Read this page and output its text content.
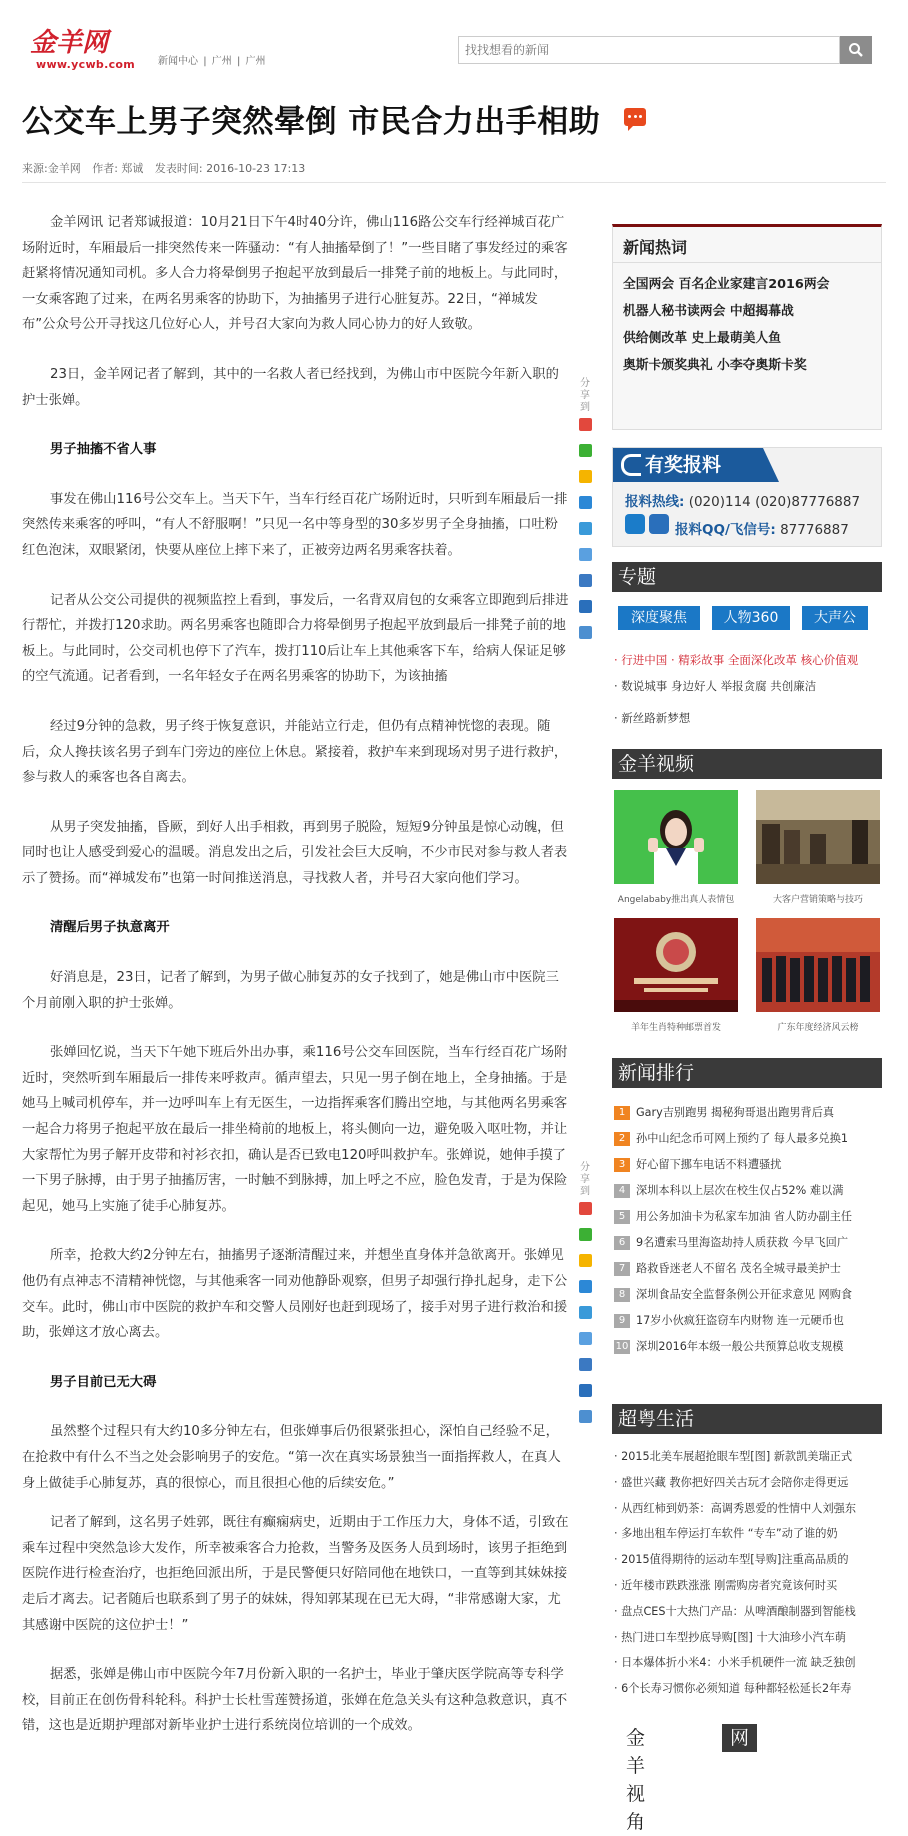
金羊网
www.ycwb.com	新闻中心 | 广州 | 广州
找找想看的新闻
公交车上男子突然晕倒 市民合力出手相助
来源:金羊网 作者: 郑诚 发表时间: 2016-10-23 17:13

金羊网讯 记者郑诚报道：10月21日下午4时40分许，佛山116路公交车行经禅城百花广场附近时，车厢最后一排突然传来一阵骚动：“有人抽搐晕倒了！”一些目睹了事发经过的乘客赶紧将情况通知司机。多人合力将晕倒男子抱起平放到最后一排凳子前的地板上。与此同时，一女乘客跑了过来，在两名男乘客的协助下，为抽搐男子进行心脏复苏。22日，“禅城发布”公众号公开寻找这几位好心人，并号召大家向为救人同心协力的好人致敬。

23日，金羊网记者了解到，其中的一名救人者已经找到，为佛山市中医院今年新入职的护士张婵。

男子抽搐不省人事

事发在佛山116号公交车上。当天下午，当车行经百花广场附近时，只听到车厢最后一排突然传来乘客的呼叫，“有人不舒服啊！”只见一名中等身型的30多岁男子全身抽搐，口吐粉红色泡沫，双眼紧闭，快要从座位上摔下来了，正被旁边两名男乘客扶着。

记者从公交公司提供的视频监控上看到，事发后，一名背双肩包的女乘客立即跑到后排进行帮忙，并拨打120求助。两名男乘客也随即合力将晕倒男子抱起平放到最后一排凳子前的地板上。与此同时，公交司机也停下了汽车，拨打110后让车上其他乘客下车，给病人保证足够的空气流通。记者看到，一名年轻女子在两名男乘客的协助下，为该抽搐

经过9分钟的急救，男子终于恢复意识，并能站立行走，但仍有点精神恍惚的表现。随后，众人搀扶该名男子到车门旁边的座位上休息。紧接着，救护车来到现场对男子进行救护，参与救人的乘客也各自离去。

从男子突发抽搐，昏厥，到好人出手相救，再到男子脱险，短短9分钟虽是惊心动魄，但同时也让人感受到爱心的温暖。消息发出之后，引发社会巨大反响，不少市民对参与救人者表示了赞扬。而“禅城发布”也第一时间推送消息，寻找救人者，并号召大家向他们学习。

清醒后男子执意离开

好消息是，23日，记者了解到，为男子做心肺复苏的女子找到了，她是佛山市中医院三个月前刚入职的护士张婵。

张婵回忆说，当天下午她下班后外出办事，乘116号公交车回医院，当车行经百花广场附近时，突然听到车厢最后一排传来呼救声。循声望去，只见一男子倒在地上，全身抽搐。于是她马上喊司机停车，并一边呼叫车上有无医生，一边指挥乘客们腾出空地，与其他两名男乘客一起合力将男子抱起平放在最后一排坐椅前的地板上，将头侧向一边，避免吸入呕吐物，并让大家帮忙为男子解开皮带和衬衫衣扣，确认是否已致电120呼叫救护车。张婵说，她伸手摸了一下男子脉搏，由于男子抽搐厉害，一时触不到脉搏，加上呼之不应，脸色发青，于是为保险起见，她马上实施了徒手心肺复苏。

所幸，抢救大约2分钟左右，抽搐男子逐渐清醒过来，并想坐直身体并急欲离开。张婵见他仍有点神志不清精神恍惚，与其他乘客一同劝他静卧观察，但男子却强行挣扎起身，走下公交车。此时，佛山市中医院的救护车和交警人员刚好也赶到现场了，接手对男子进行救治和援助，张婵这才放心离去。

男子目前已无大碍

虽然整个过程只有大约10多分钟左右，但张婵事后仍很紧张担心，深怕自己经验不足，在抢救中有什么不当之处会影响男子的安危。“第一次在真实场景独当一面指挥救人，在真人身上做徒手心肺复苏，真的很惊心，而且很担心他的后续安危。”

记者了解到，这名男子姓郭，既往有癫痫病史，近期由于工作压力大，身体不适，引致在乘车过程中突然急诊大发作，所幸被乘客合力抢救，当警务及医务人员到场时，该男子拒绝到医院作进行检查治疗，也拒绝回派出所，于是民警便只好陪同他在地铁口，一直等到其妹妹接走后才离去。记者随后也联系到了男子的妹妹，得知郭某现在已无大碍，“非常感谢大家，尤其感谢中医院的这位护士！”

据悉，张婵是佛山市中医院今年7月份新入职的一名护士，毕业于肇庆医学院高等专科学校，目前正在创伤骨科轮科。科护士长杜雪莲赞扬道，张婵在危急关头有这种急救意识，真不错，这也是近期护理部对新毕业护士进行系统岗位培训的一个成效。

分
享
到
分
享
到
新闻热词
全国两会 百名企业家建言2016两会
机器人秘书读两会 中超揭幕战
供给侧改革 史上最萌美人鱼
奥斯卡颁奖典礼 小李夺奥斯卡奖
有奖报料
报料热线: (020)114 (020)87776887
报料QQ/飞信号: 87776887
专题
深度聚焦	人物360	大声公
· 行进中国 · 精彩故事 全面深化改革 核心价值观
· 数说城事 身边好人 举报贪腐 共创廉洁
· 新丝路新梦想
金羊视频
Angelababy推出真人表情包	大客户营销策略与技巧
羊年生肖特种邮票首发	广东年度经济风云榜
新闻排行
1 Gary吉别跑男 揭秘狗哥退出跑男背后真
2 孙中山纪念币可网上预约了 每人最多兑换1
3 好心留下挪车电话不料遭骚扰
4 深圳本科以上层次在校生仅占52% 难以满
5 用公务加油卡为私家车加油 省人防办副主任
6 9名遭索马里海盗劫持人质获救 今早飞回广
7 路救昏迷老人不留名 茂名全城寻最美护士
8 深圳食品安全监督条例公开征求意见 网购食
9 17岁小伙疯狂盗窃车内财物 连一元硬币也
10 深圳2016年本级一般公共预算总收支规模
超粤生活
· 2015北美车展超抢眼车型[图] 新款凯美瑞正式
· 盛世兴藏 教你把好四关古玩才会陪你走得更远
· 从西红柿到奶茶：高调秀恩爱的性情中人刘强东
· 多地出租车停运打车软件 “专车”动了谁的奶
· 2015值得期待的运动车型[导购]注重高品质的
· 近年楼市跌跌涨涨 刚需购房者究竟该何时买
· 盘点CES十大热门产品：从啤酒酿制器到智能栈
· 热门进口车型抄底导购[图] 十大油珍小汽车萌
· 日本爆体折小米4：小米手机硬件一流 缺乏独创
· 6个长寿习惯你必须知道 每种都轻松延长2年寿
金羊视角
网友辣评
